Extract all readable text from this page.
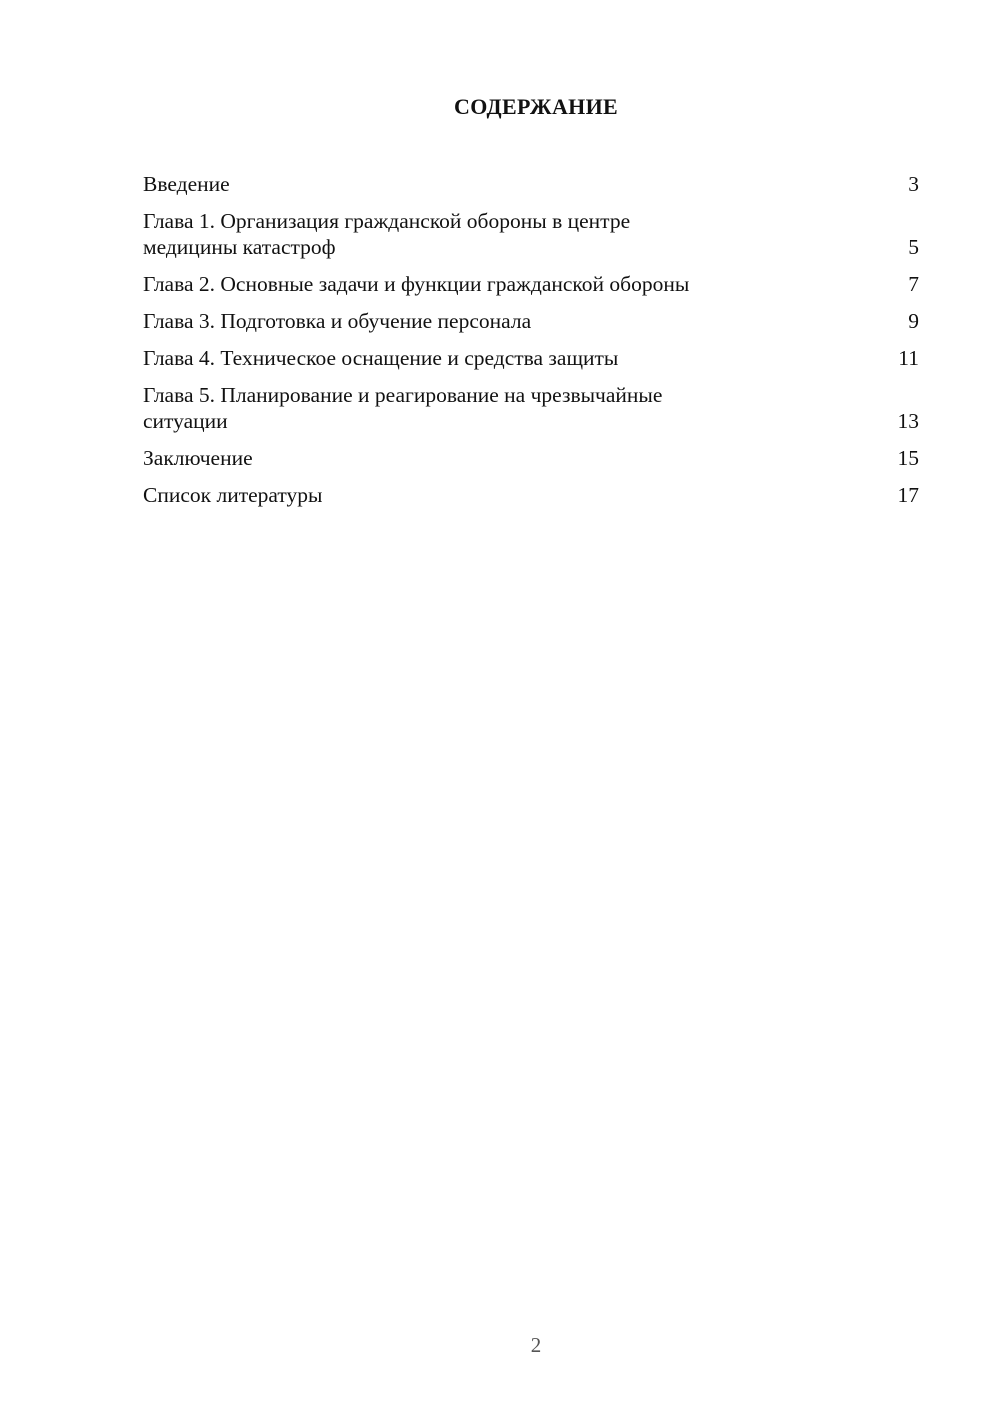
СОДЕРЖАНИЕ
Введение	3
Глава 1. Организация гражданской обороны в центре
медицины катастроф	5
Глава 2. Основные задачи и функции гражданской обороны	7
Глава 3. Подготовка и обучение персонала	9
Глава 4. Техническое оснащение и средства защиты	11
Глава 5. Планирование и реагирование на чрезвычайные
ситуации	13
Заключение	15
Список литературы	17
2
